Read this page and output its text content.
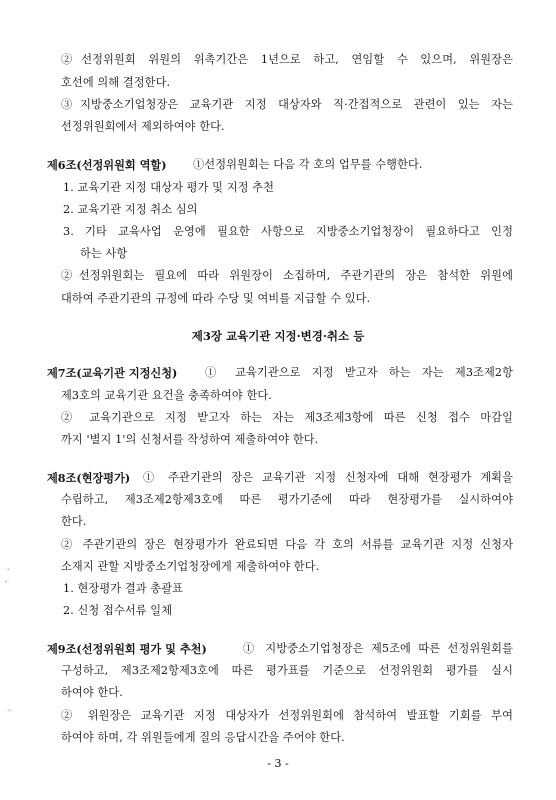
②선정위원회 위원의 위촉기간은 1년으로 하고, 연임할 수 있으며, 위원장은
호선에 의해 결정한다.
③지방중소기업청장은 교육기관 지정 대상자와 직·간접적으로 관련이 있는 자는
선정위원회에서 제외하여야 한다.
제6조(선정위원회 역할) ①선정위원회는 다음 각 호의 업무를 수행한다.
1. 교육기관 지정 대상자 평가 및 지정 추천
2. 교육기관 지정 취소 심의
3. 기타 교육사업 운영에 필요한 사항으로 지방중소기업청장이 필요하다고 인정
하는 사항
②선정위원회는 필요에 따라 위원장이 소집하며, 주관기관의 장은 참석한 위원에
대하여 주관기관의 규정에 따라 수당 및 여비를 지급할 수 있다.
제3장 교육기관 지정·변경·취소 등
제7조(교육기관 지정신청) ① 교육기관으로 지정 받고자 하는 자는 제3조제2항
제3호의 교육기관 요건을 충족하여야 한다.
② 교육기관으로 지정 받고자 하는 자는 제3조제3항에 따른 신청 접수 마감일
까지 '별지 1'의 신청서를 작성하여 제출하여야 한다.
제8조(현장평가) ① 주관기관의 장은 교육기관 지정 신청자에 대해 현장평가 계획을
수립하고, 제3조제2항제3호에 따른 평가기준에 따라 현장평가를 실시하여야
한다.
② 주관기관의 장은 현장평가가 완료되면 다음 각 호의 서류를 교육기관 지정 신청자
소재지 관할 지방중소기업청장에게 제출하여야 한다.
1. 현장평가 결과 총괄표
2. 신청 접수서류 일체
제9조(선정위원회 평가 및 추천)	① 지방중소기업청장은 제5조에 따른 선정위원회를
구성하고, 제3조제2항제3호에 따른 평가표를 기준으로 선정위원회 평가를 실시
하여야 한다.
② 위원장은 교육기관 지정 대상자가 선정위원회에 참석하여 발표할 기회를 부여
하여야 하며, 각 위원들에게 질의 응답시간을 주어야 한다.
·∙
∙·
·∙·
- 3 -
